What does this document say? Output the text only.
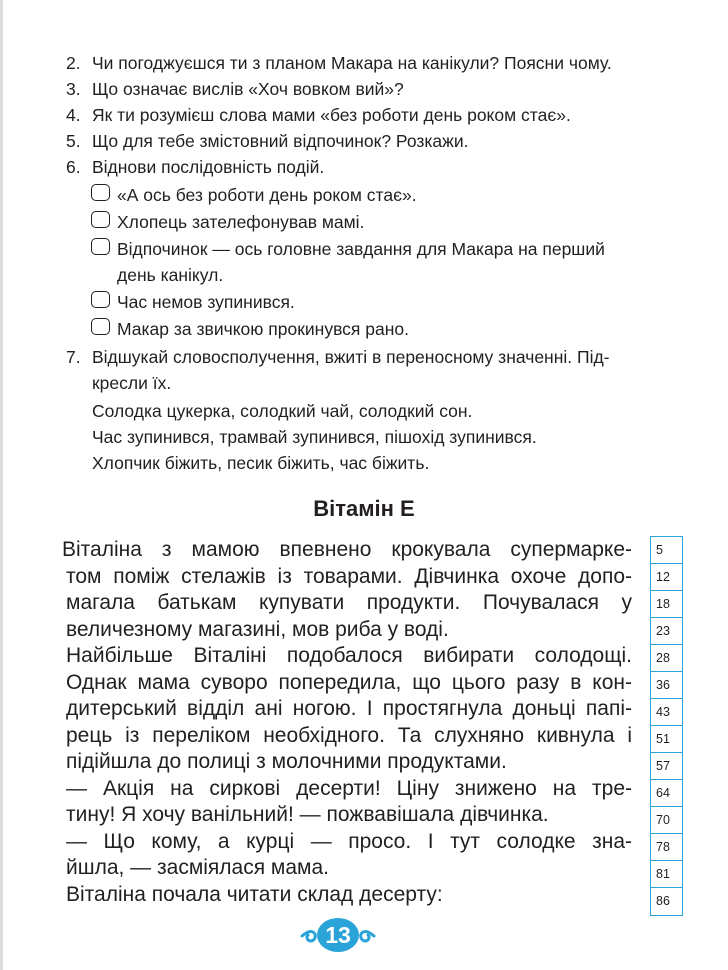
2. Чи погоджуєшся ти з планом Макара на канікули? Поясни чому.
3. Що означає вислів «Хоч вовком вий»?
4. Як ти розумієш слова мами «без роботи день роком стає».
5. Що для тебе змістовний відпочинок? Розкажи.
6. Віднови послідовність подій.
«А ось без роботи день роком стає».
Хлопець зателефонував мамі.
Відпочинок — ось головне завдання для Макара на перший
день канікул.
Час немов зупинився.
Макар за звичкою прокинувся рано.
7. Відшукай словосполучення, вжиті в переносному значенні. Під-
кресли їх.
Солодка цукерка, солодкий чай, солодкий сон.
Час зупинився, трамвай зупинився, пішохід зупинився.
Хлопчик біжить, песик біжить, час біжить.
Вітамін Е
Віталіна з мамою впевнено крокувала супермарке-
том поміж стелажів із товарами. Дівчинка охоче допо-
магала батькам купувати продукти. Почувалася у
величезному магазині, мов риба у воді.
Найбільше Віталіні подобалося вибирати солодощі.
Однак мама суворо попередила, що цього разу в кон-
дитерський відділ ані ногою. І простягнула доньці папі-
рець із переліком необхідного. Та слухняно кивнула і
підійшла до полиці з молочними продуктами.
— Акція на сиркові десерти! Ціну знижено на тре-
тину! Я хочу ванільний! — пожвавішала дівчинка.
— Що кому, а курці — просо. І тут солодке зна-
йшла, — засміялася мама.
Віталіна почала читати склад десерту:
5
12
18
23
28
36
43
51
57
64
70
78
81
86
13
